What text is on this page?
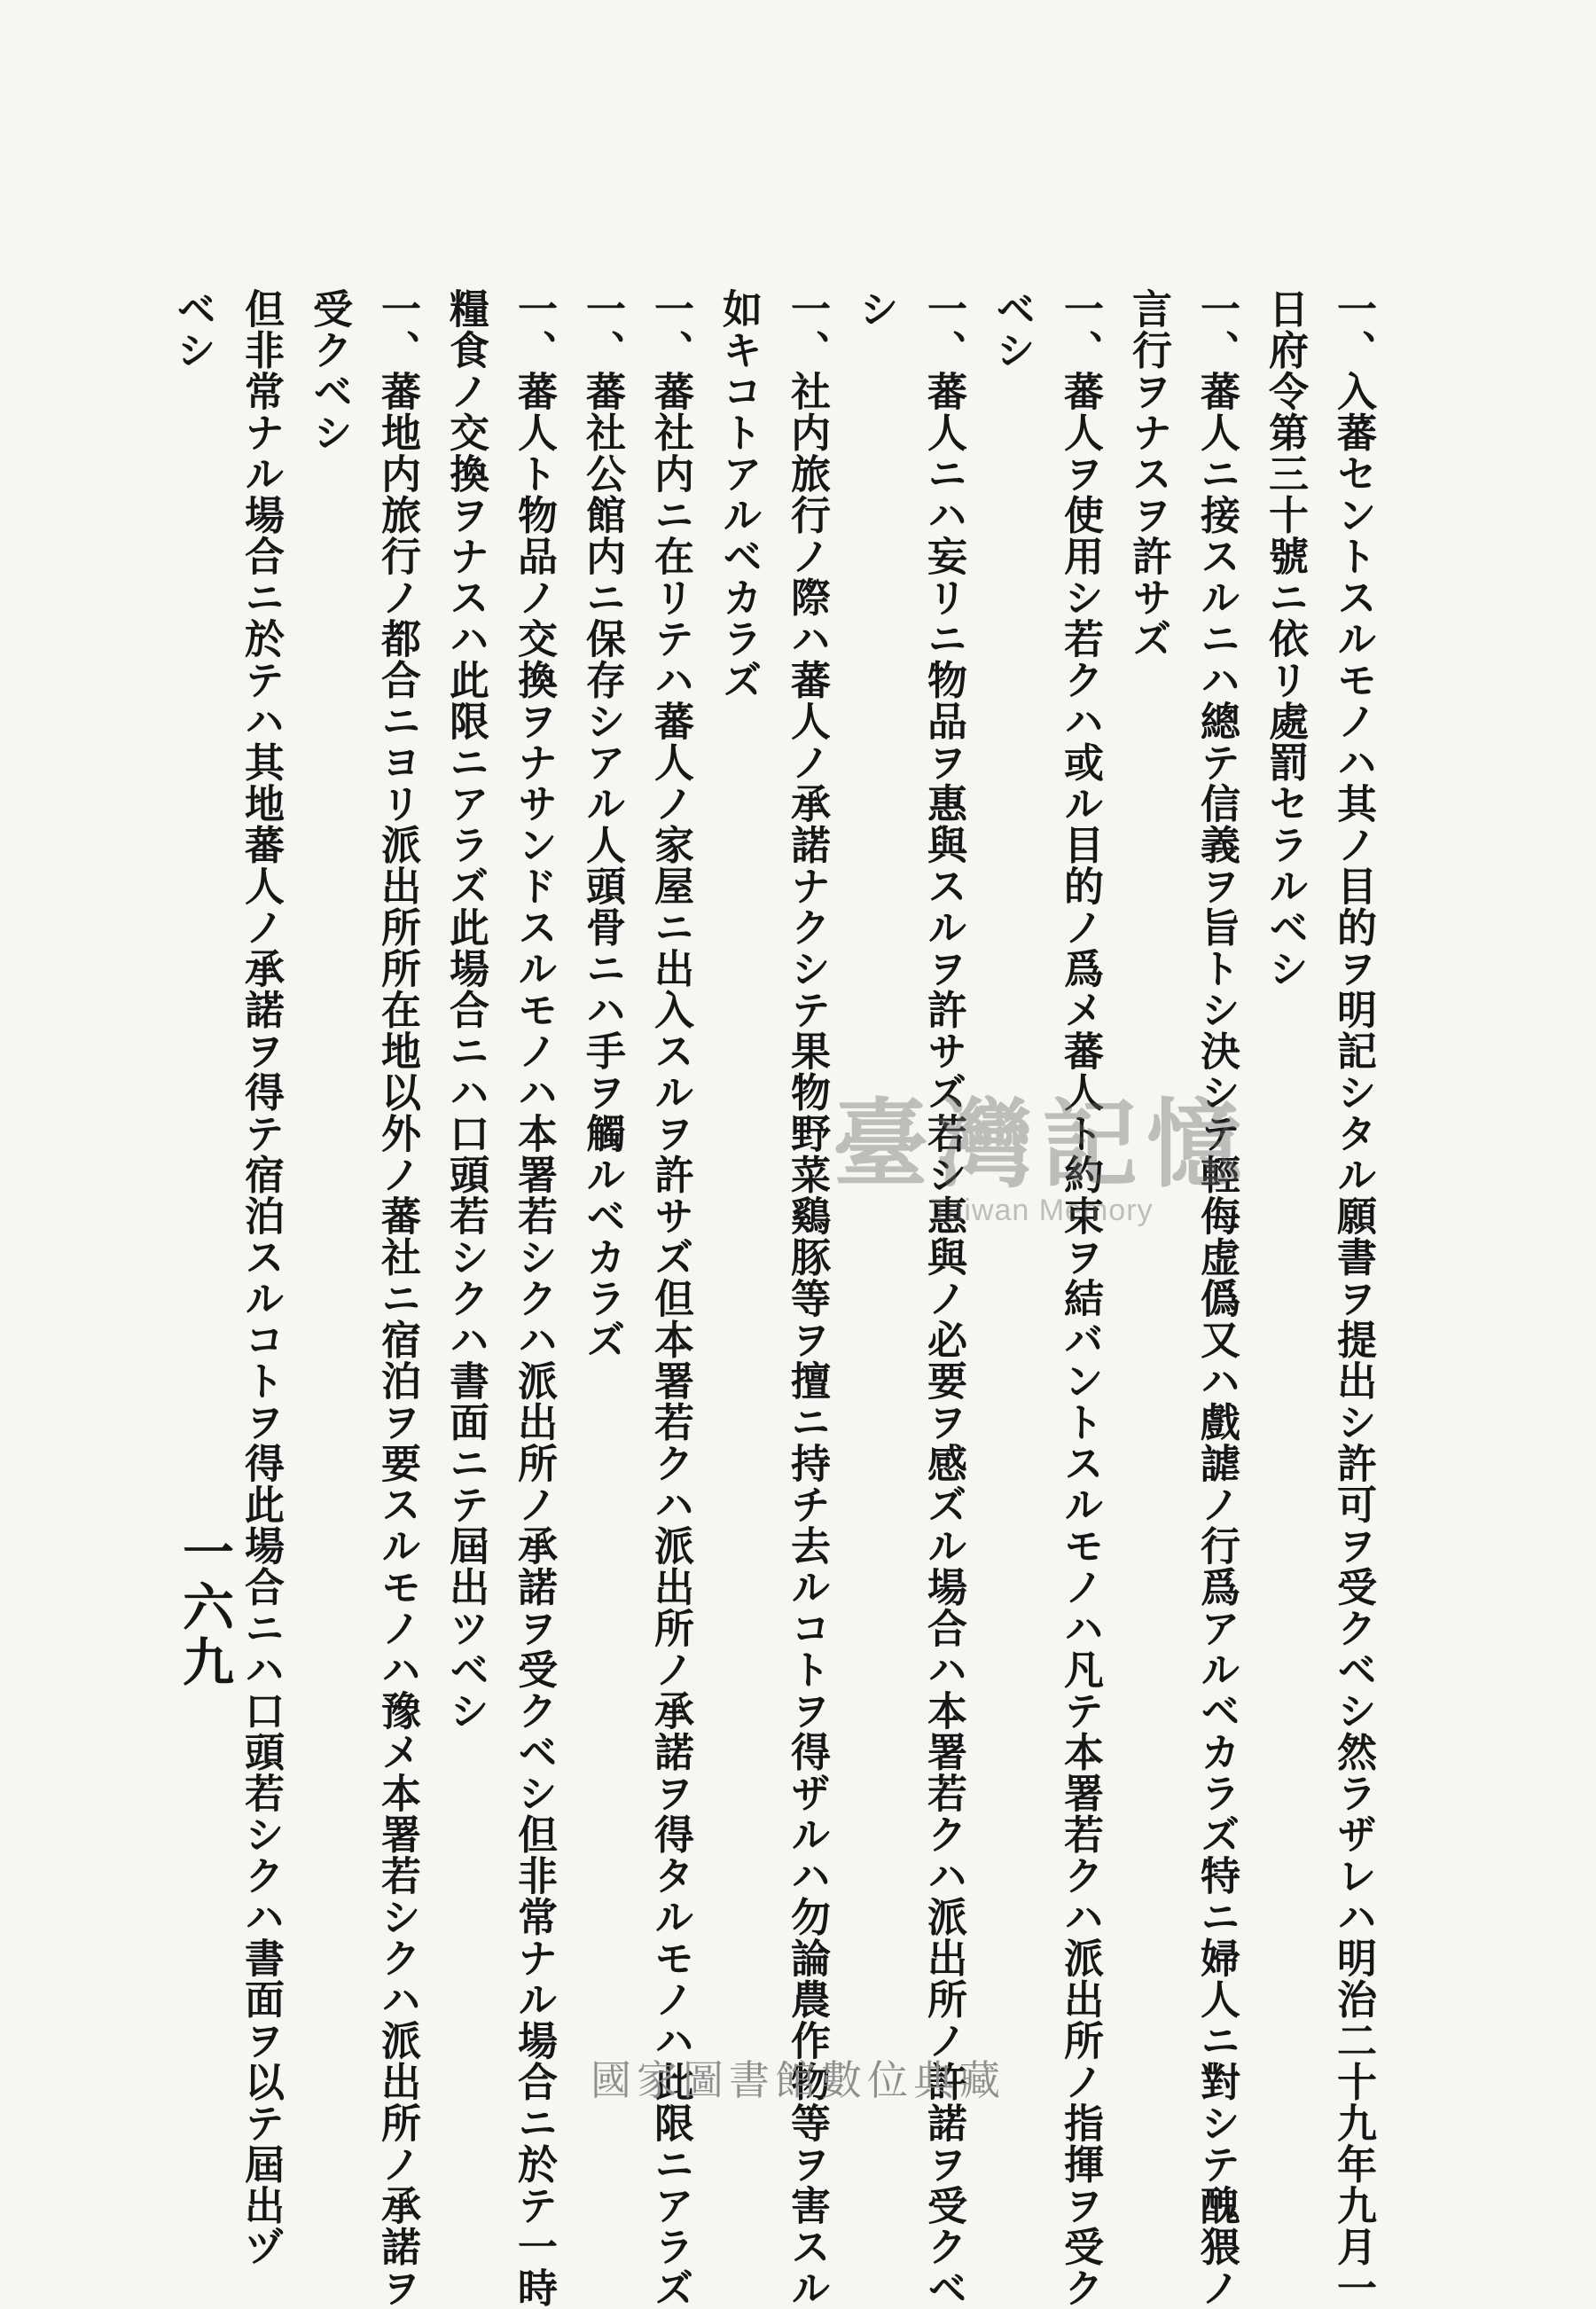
一、入蕃セントスルモノハ其ノ目的ヲ明記シタル願書ヲ提出シ許可ヲ受クベシ然ラザレハ明治二十九年九月一
日府令第三十號ニ依リ處罰セラルベシ
一、蕃人ニ接スルニハ總テ信義ヲ旨トシ決シテ輕侮虚僞又ハ戲謔ノ行爲アルベカラズ特ニ婦人ニ對シテ醜猥ノ
言行ヲナスヲ許サズ
一、蕃人ヲ使用シ若クハ或ル目的ノ爲メ蕃人ト約束ヲ結バントスルモノハ凡テ本署若クハ派出所ノ指揮ヲ受ク
ベシ
一、蕃人ニハ妄リニ物品ヲ惠與スルヲ許サズ若シ惠與ノ必要ヲ感ズル場合ハ本署若クハ派出所ノ許諾ヲ受クベ
シ
一、社内旅行ノ際ハ蕃人ノ承諾ナクシテ果物野菜鷄豚等ヲ擅ニ持チ去ルコトヲ得ザルハ勿論農作物等ヲ害スル
如キコトアルベカラズ
一、蕃社内ニ在リテハ蕃人ノ家屋ニ出入スルヲ許サズ但本署若クハ派出所ノ承諾ヲ得タルモノハ此限ニアラズ
一、蕃社公館内ニ保存シアル人頭骨ニハ手ヲ觸ルベカラズ
一、蕃人ト物品ノ交換ヲナサンドスルモノハ本署若シクハ派出所ノ承諾ヲ受クベシ但非常ナル場合ニ於テ一時
糧食ノ交換ヲナスハ此限ニアラズ此場合ニハ口頭若シクハ書面ニテ屆出ツベシ
一、蕃地内旅行ノ都合ニヨリ派出所所在地以外ノ蕃社ニ宿泊ヲ要スルモノハ豫メ本署若シクハ派出所ノ承諾ヲ
受クベシ
但非常ナル場合ニ於テハ其地蕃人ノ承諾ヲ得テ宿泊スルコトヲ得此場合ニハ口頭若シクハ書面ヲ以テ屆出ヅ
ベシ
一六九
臺灣記憶
Taiwan Memory
國家圖書館數位典藏
